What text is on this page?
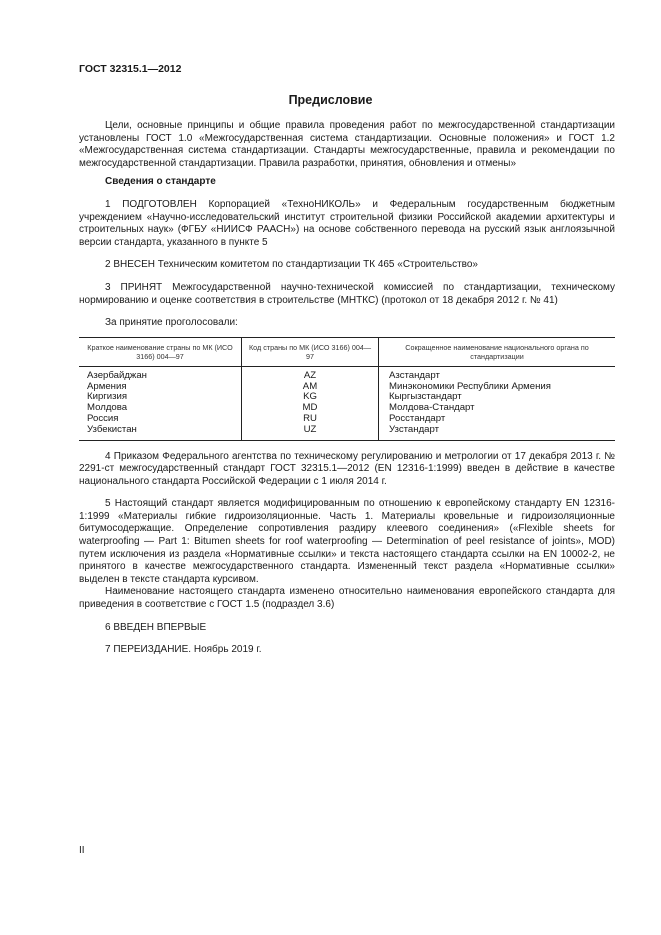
ГОСТ 32315.1—2012
Предисловие

Цели, основные принципы и общие правила проведения работ по межгосударственной стандартизации установлены ГОСТ 1.0 «Межгосударственная система стандартизации. Основные положения» и ГОСТ 1.2 «Межгосударственная система стандартизации. Стандарты межгосударственные, правила и рекомендации по межгосударственной стандартизации. Правила разработки, принятия, обновления и отмены»

Сведения о стандарте

1 ПОДГОТОВЛЕН Корпорацией «ТехноНИКОЛЬ» и Федеральным государственным бюджетным учреждением «Научно-исследовательский институт строительной физики Российской академии архитектуры и строительных наук» (ФГБУ «НИИСФ РААСН») на основе собственного перевода на русский язык англоязычной версии стандарта, указанного в пункте 5

2 ВНЕСЕН Техническим комитетом по стандартизации ТК 465 «Строительство»

3 ПРИНЯТ Межгосударственной научно-технической комиссией по стандартизации, техническому нормированию и оценке соответствия в строительстве (МНТКС) (протокол от 18 декабря 2012 г. № 41)

За принятие проголосовали:

Краткое наименование страны по МК (ИСО 3166) 004—97	Код страны по МК (ИСО 3166) 004—97	Сокращенное наименование национального органа по стандартизации
Азербайджан	AZ	Азстандарт
Армения	AM	Минэкономики Республики Армения
Киргизия	KG	Кыргызстандарт
Молдова	MD	Молдова-Стандарт
Россия	RU	Росстандарт
Узбекистан	UZ	Узстандарт

4 Приказом Федерального агентства по техническому регулированию и метрологии от 17 декабря 2013 г. № 2291-ст межгосударственный стандарт ГОСТ 32315.1—2012 (EN 12316-1:1999) введен в действие в качестве национального стандарта Российской Федерации с 1 июля 2014 г.

5 Настоящий стандарт является модифицированным по отношению к европейскому стандарту EN 12316-1:1999 «Материалы гибкие гидроизоляционные. Часть 1. Материалы кровельные и гидроизоляционные битумосодержащие. Определение сопротивления раздиру клеевого соединения» («Flexible sheets for waterproofing — Part 1: Bitumen sheets for roof waterproofing — Determination of peel resistance of joints», MOD) путем исключения из раздела «Нормативные ссылки» и текста настоящего стандарта ссылки на EN 10002-2, не принятого в качестве межгосударственного стандарта. Измененный текст раздела «Нормативные ссылки» выделен в тексте стандарта курсивом.

Наименование настоящего стандарта изменено относительно наименования европейского стандарта для приведения в соответствие с ГОСТ 1.5 (подраздел 3.6)

6 ВВЕДЕН ВПЕРВЫЕ

7 ПЕРЕИЗДАНИЕ. Ноябрь 2019 г.

II
